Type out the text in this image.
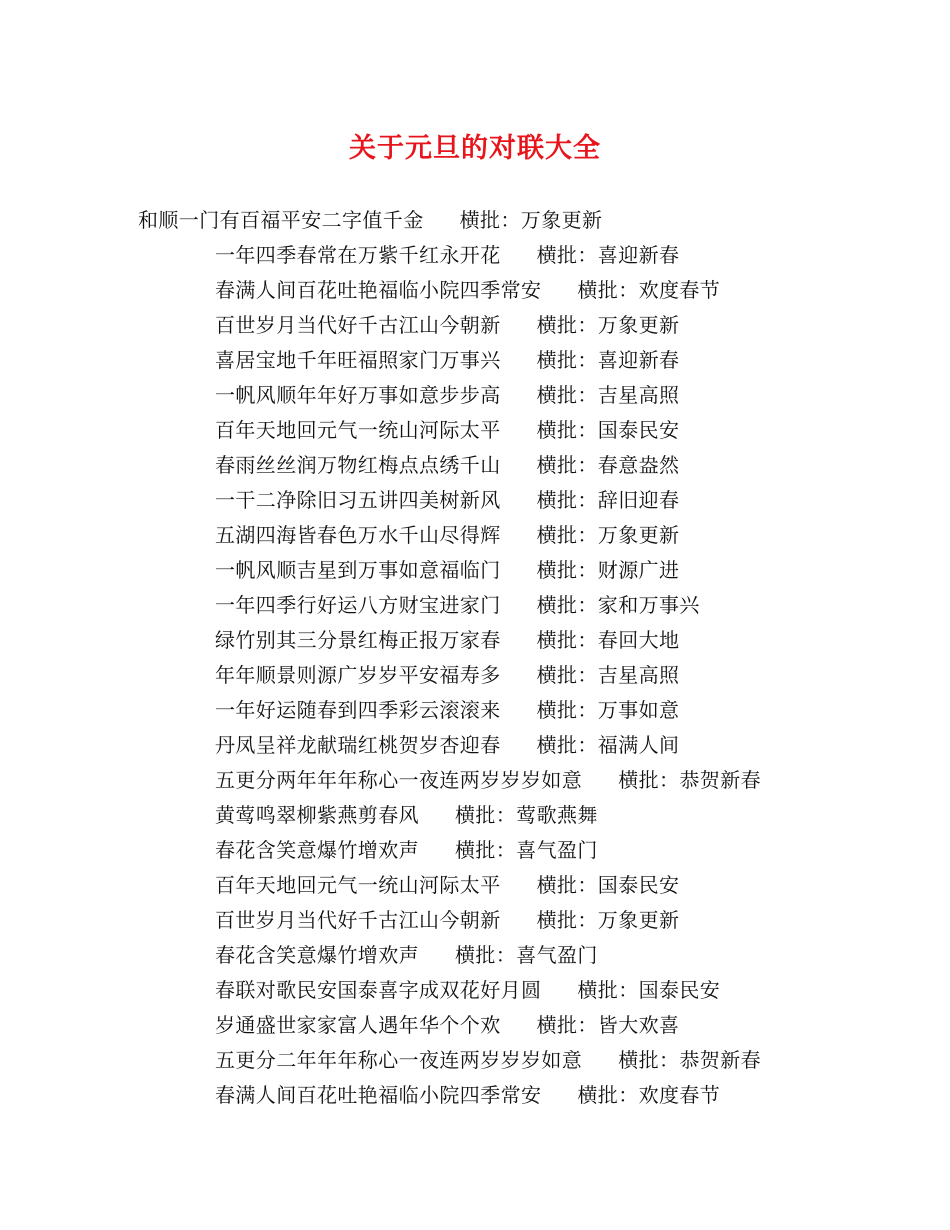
关于元旦的对联大全
和顺一门有百福平安二字值千金 横批：万象更新
一年四季春常在万紫千红永开花 横批：喜迎新春
春满人间百花吐艳福临小院四季常安 横批：欢度春节
百世岁月当代好千古江山今朝新 横批：万象更新
喜居宝地千年旺福照家门万事兴 横批：喜迎新春
一帆风顺年年好万事如意步步高 横批：吉星高照
百年天地回元气一统山河际太平 横批：国泰民安
春雨丝丝润万物红梅点点绣千山 横批：春意盎然
一干二净除旧习五讲四美树新风 横批：辞旧迎春
五湖四海皆春色万水千山尽得辉 横批：万象更新
一帆风顺吉星到万事如意福临门 横批：财源广进
一年四季行好运八方财宝进家门 横批：家和万事兴
绿竹别其三分景红梅正报万家春 横批：春回大地
年年顺景则源广岁岁平安福寿多 横批：吉星高照
一年好运随春到四季彩云滚滚来 横批：万事如意
丹凤呈祥龙献瑞红桃贺岁杏迎春 横批：福满人间
五更分两年年年称心一夜连两岁岁岁如意 横批：恭贺新春
黄莺鸣翠柳紫燕剪春风 横批：莺歌燕舞
春花含笑意爆竹增欢声 横批：喜气盈门
百年天地回元气一统山河际太平 横批：国泰民安
百世岁月当代好千古江山今朝新 横批：万象更新
春花含笑意爆竹增欢声 横批：喜气盈门
春联对歌民安国泰喜字成双花好月圆 横批：国泰民安
岁通盛世家家富人遇年华个个欢 横批：皆大欢喜
五更分二年年年称心一夜连两岁岁岁如意 横批：恭贺新春
春满人间百花吐艳福临小院四季常安 横批：欢度春节
